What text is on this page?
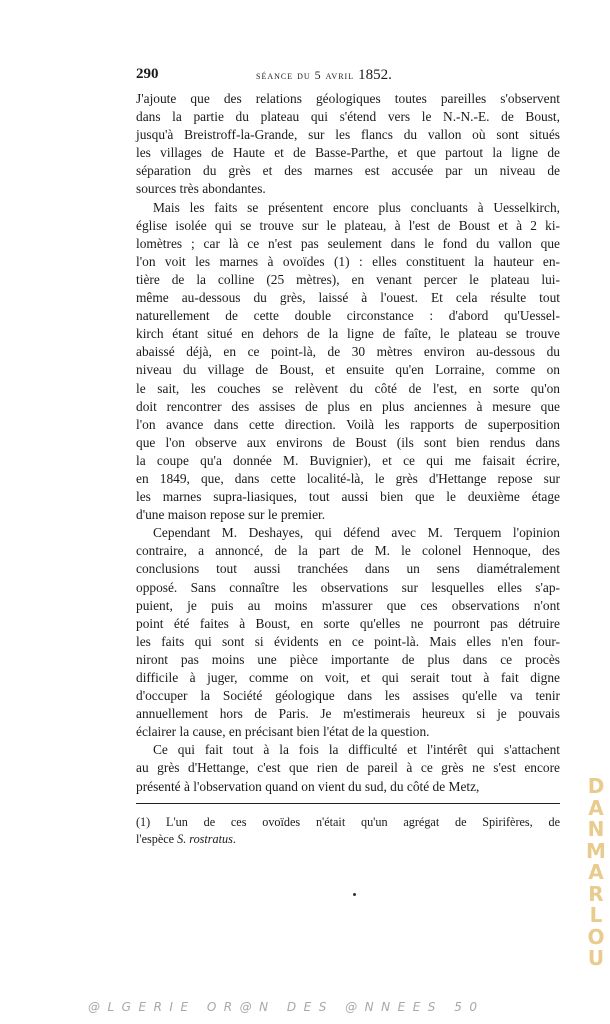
290	séance du 5 avril 1852.
J'ajoute que des relations géologiques toutes pareilles s'observent
dans la partie du plateau qui s'étend vers le N.-N.-E. de Boust,
jusqu'à Breistroff-la-Grande, sur les flancs du vallon où sont situés
les villages de Haute et de Basse-Parthe, et que partout la ligne de
séparation du grès et des marnes est accusée par un niveau de
sources très abondantes.
Mais les faits se présentent encore plus concluants à Uesselkirch,
église isolée qui se trouve sur le plateau, à l'est de Boust et à 2 ki-
lomètres ; car là ce n'est pas seulement dans le fond du vallon que
l'on voit les marnes à ovoïdes (1) : elles constituent la hauteur en-
tière de la colline (25 mètres), en venant percer le plateau lui-
même au-dessous du grès, laissé à l'ouest. Et cela résulte tout
naturellement de cette double circonstance : d'abord qu'Uessel-
kirch étant situé en dehors de la ligne de faîte, le plateau se trouve
abaissé déjà, en ce point-là, de 30 mètres environ au-dessous du
niveau du village de Boust, et ensuite qu'en Lorraine, comme on
le sait, les couches se relèvent du côté de l'est, en sorte qu'on
doit rencontrer des assises de plus en plus anciennes à mesure que
l'on avance dans cette direction. Voilà les rapports de superposition
que l'on observe aux environs de Boust (ils sont bien rendus dans
la coupe qu'a donnée M. Buvignier), et ce qui me faisait écrire,
en 1849, que, dans cette localité-là, le grès d'Hettange repose sur
les marnes supra-liasiques, tout aussi bien que le deuxième étage
d'une maison repose sur le premier.
Cependant M. Deshayes, qui défend avec M. Terquem l'opinion
contraire, a annoncé, de la part de M. le colonel Hennoque, des
conclusions tout aussi tranchées dans un sens diamétralement
opposé. Sans connaître les observations sur lesquelles elles s'ap-
puient, je puis au moins m'assurer que ces observations n'ont
point été faites à Boust, en sorte qu'elles ne pourront pas détruire
les faits qui sont si évidents en ce point-là. Mais elles n'en four-
niront pas moins une pièce importante de plus dans ce procès
difficile à juger, comme on voit, et qui serait tout à fait digne
d'occuper la Société géologique dans les assises qu'elle va tenir
annuellement hors de Paris. Je m'estimerais heureux si je pouvais
éclairer la cause, en précisant bien l'état de la question.
Ce qui fait tout à la fois la difficulté et l'intérêt qui s'attachent
au grès d'Hettange, c'est que rien de pareil à ce grès ne s'est encore
présenté à l'observation quand on vient du sud, du côté de Metz,
(1) L'un de ces ovoïdes n'était qu'un agrégat de Spirifères, de
l'espèce S. rostratus.
D
A
N
M
A
R
L
O
U
@LGERIE OR@N DES @NNEES 50
